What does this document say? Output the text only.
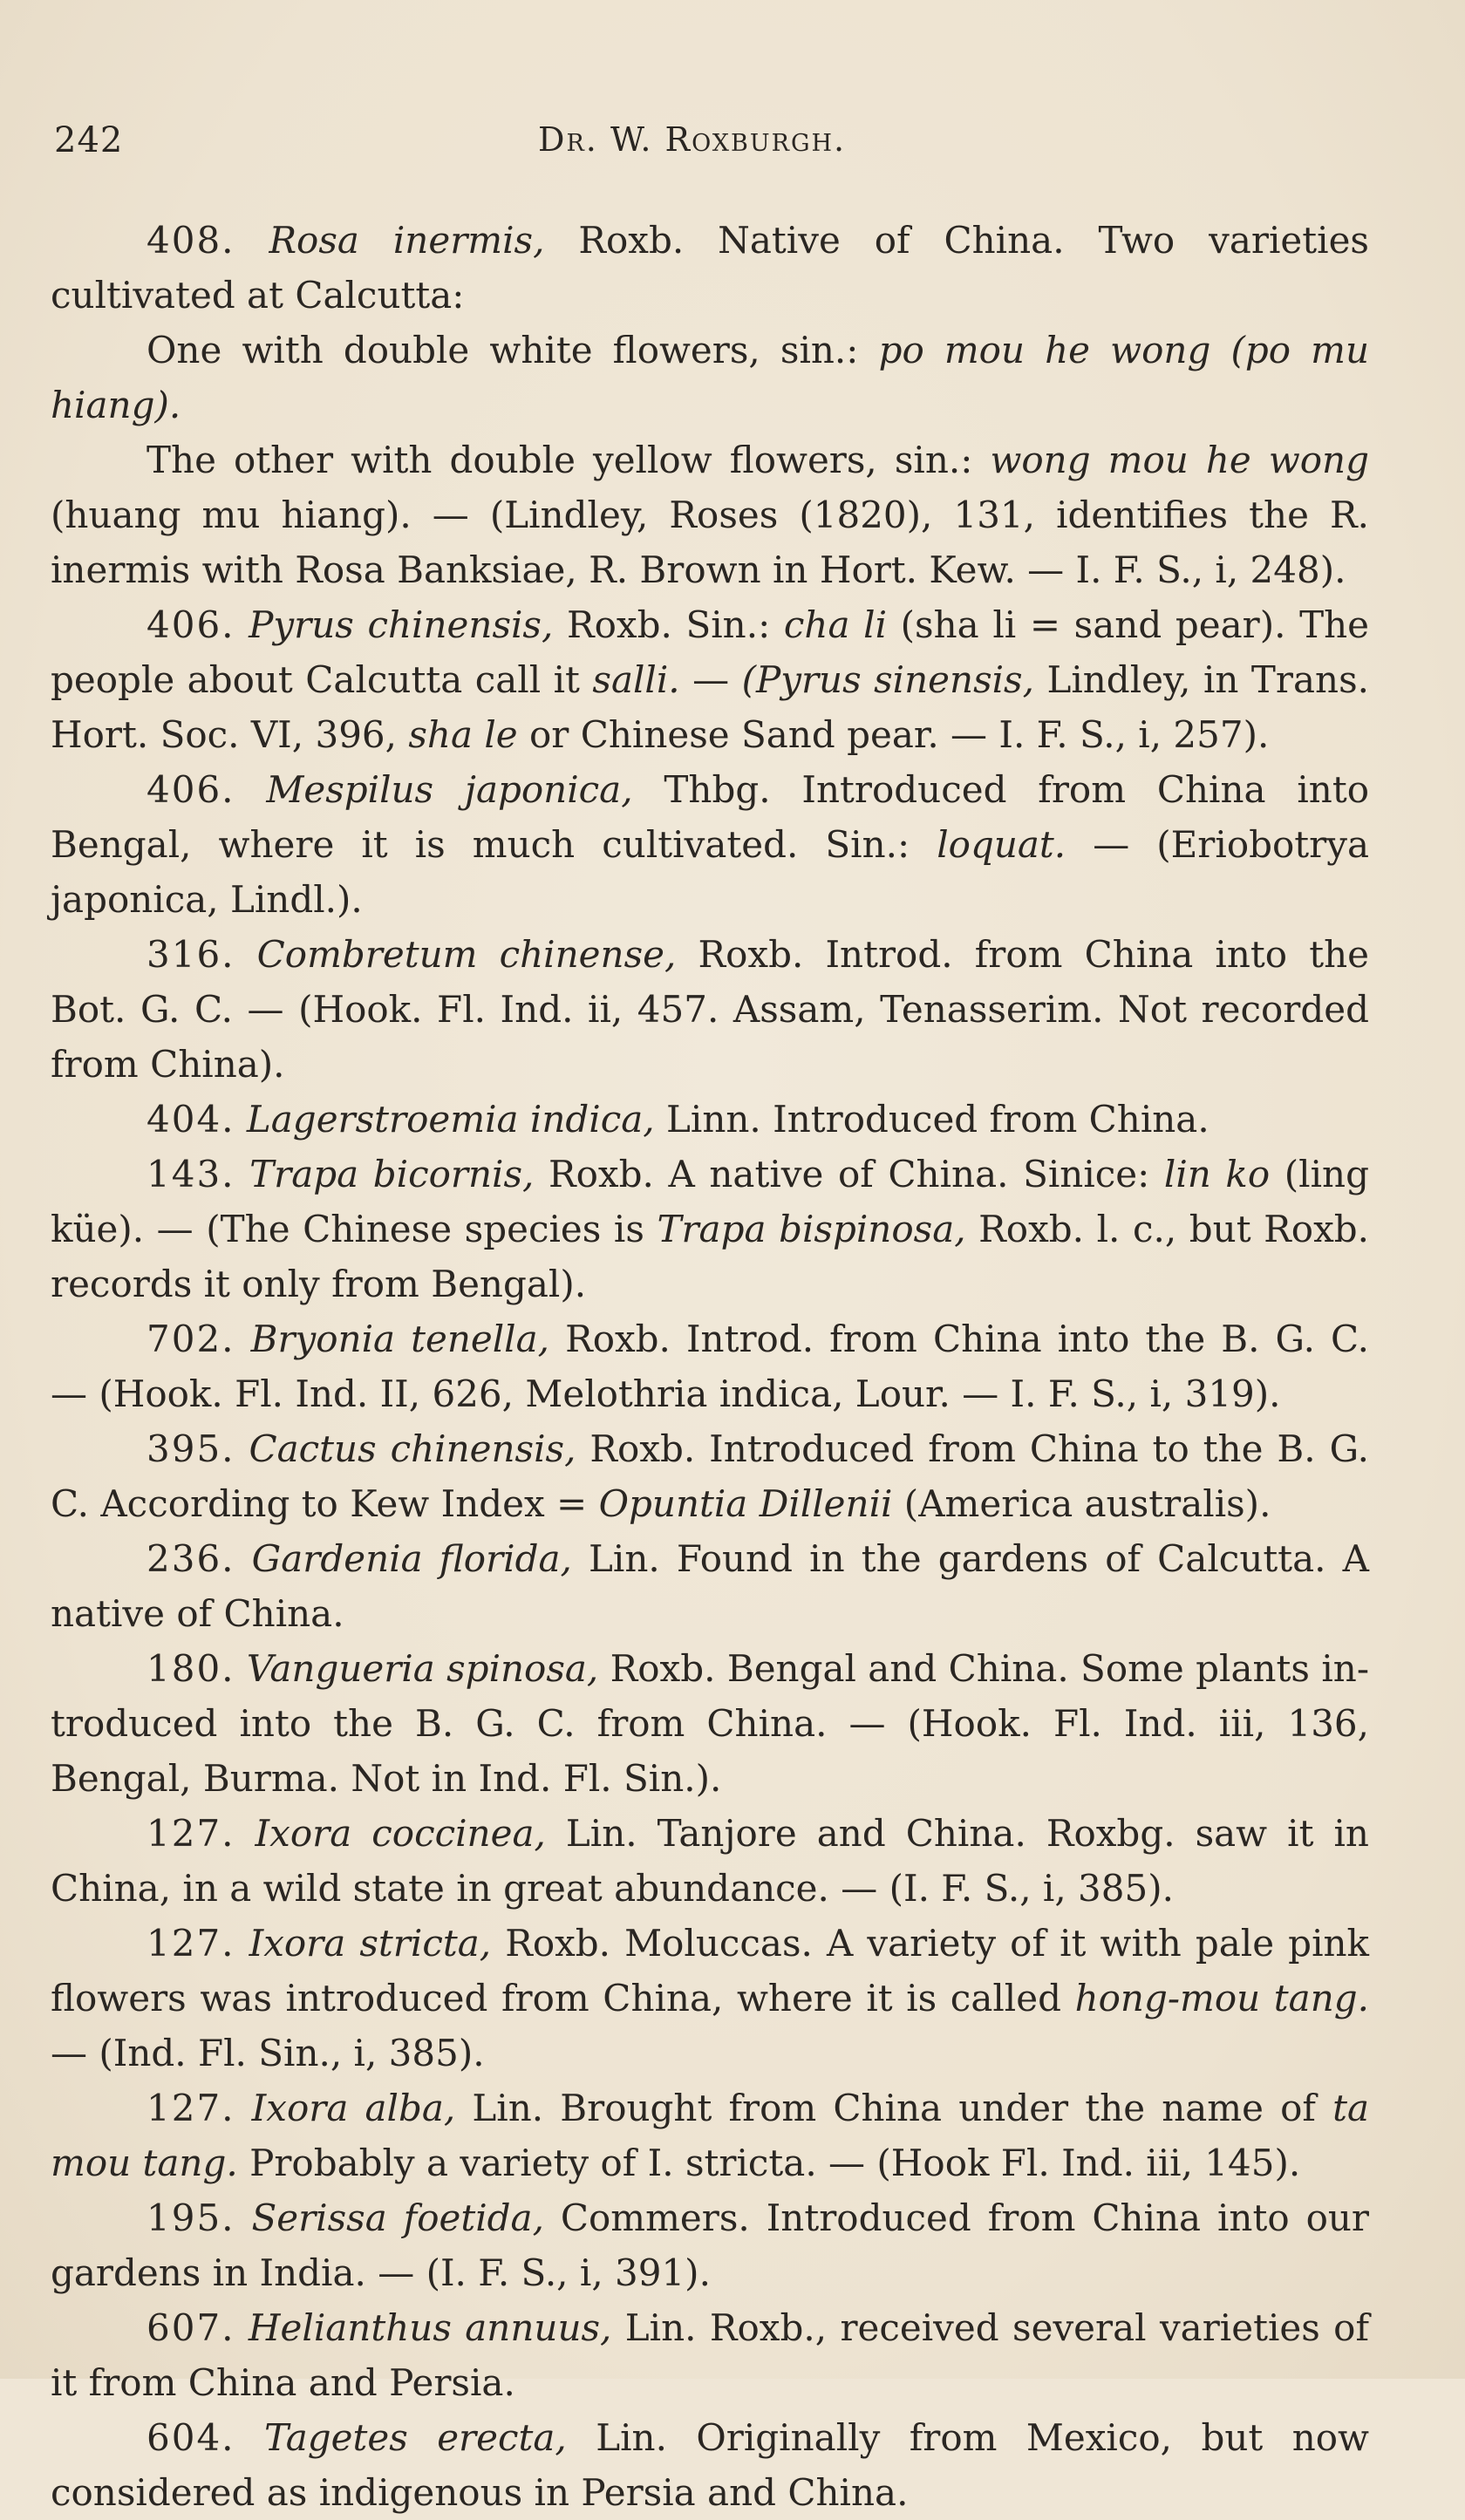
242	Dr. W. Roxburgh.

408. Rosa inermis, Roxb. Native of China. Two varieties cultivated at Calcutta:

One with double white flowers, sin.: po mou he wong (po mu hiang).

The other with double yellow flowers, sin.: wong mou he wong (huang mu hiang). — (Lindley, Roses (1820), 131, identifies the R. inermis with Rosa Banksiae, R. Brown in Hort. Kew. — I. F. S., i, 248).

406. Pyrus chinensis, Roxb. Sin.: cha li (sha li = sand pear). The people about Calcutta call it salli. — (Pyrus sinensis, Lindley, in Trans. Hort. Soc. VI, 396, sha le or Chinese Sand pear. — I. F. S., i, 257).

406. Mespilus japonica, Thbg. Introduced from China into Bengal, where it is much cultivated. Sin.: loquat. — (Eriobotrya japonica, Lindl.).

316. Combretum chinense, Roxb. Introd. from China into the Bot. G. C. — (Hook. Fl. Ind. ii, 457. Assam, Tenasserim. Not recorded from China).

404. Lagerstroemia indica, Linn. Introduced from China.

143. Trapa bicornis, Roxb. A native of China. Sinice: lin ko (ling küe). — (The Chinese species is Trapa bispinosa, Roxb. l. c., but Roxb. records it only from Bengal).

702. Bryonia tenella, Roxb. Introd. from China into the B. G. C. — (Hook. Fl. Ind. II, 626, Melothria indica, Lour. — I. F. S., i, 319).

395. Cactus chinensis, Roxb. Introduced from China to the B. G. C. According to Kew Index = Opuntia Dillenii (America australis).

236. Gardenia florida, Lin. Found in the gardens of Calcutta. A native of China.

180. Vangueria spinosa, Roxb. Bengal and China. Some plants introduced into the B. G. C. from China. — (Hook. Fl. Ind. iii, 136, Bengal, Burma. Not in Ind. Fl. Sin.).

127. Ixora coccinea, Lin. Tanjore and China. Roxbg. saw it in China, in a wild state in great abundance. — (I. F. S., i, 385).

127. Ixora stricta, Roxb. Moluccas. A variety of it with pale pink flowers was introduced from China, where it is called hong-mou tang. — (Ind. Fl. Sin., i, 385).

127. Ixora alba, Lin. Brought from China under the name of ta mou tang. Probably a variety of I. stricta. — (Hook Fl. Ind. iii, 145).

195. Serissa foetida, Commers. Introduced from China into our gardens in India. — (I. F. S., i, 391).

607. Helianthus annuus, Lin. Roxb., received several varieties of it from China and Persia.

604. Tagetes erecta, Lin. Originally from Mexico, but now considered as indigenous in Persia and China.
